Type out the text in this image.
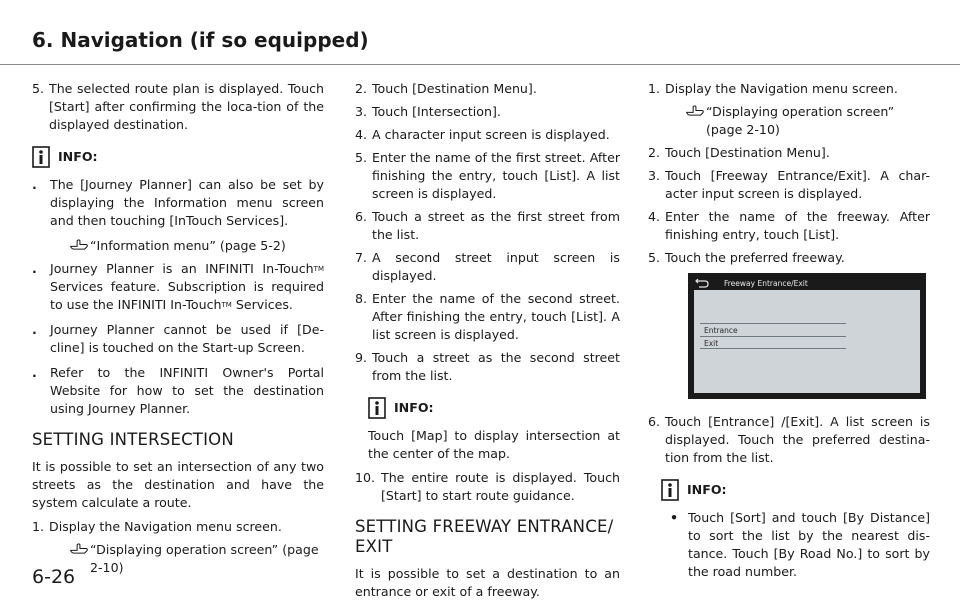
6. Navigation (if so equipped)
5. The selected route plan is displayed. Touch [Start] after confirming the loca-tion of the displayed destination.
INFO:
.	The [Journey Planner] can also be set by displaying the Information menu screen and then touching [InTouch Services].
“Information menu” (page 5-2)
.	Journey Planner is an INFINITI In-Touch™ Services feature. Subscription is required to use the INFINITI In-Touch™ Services.
.	Journey Planner cannot be used if [De-cline] is touched on the Start-up Screen.
.	Refer to the INFINITI Owner's Portal Website for how to set the destination using Journey Planner.
SETTING INTERSECTION
It is possible to set an intersection of any two streets as the destination and have the system calculate a route.
1. Display the Navigation menu screen.
“Displaying operation screen” (page 2-10)
2. Touch [Destination Menu].
3. Touch [Intersection].
4. A character input screen is displayed.
5. Enter the name of the first street. After finishing the entry, touch [List]. A list screen is displayed.
6. Touch a street as the first street from the list.
7. A second street input screen is displayed.
8. Enter the name of the second street. After finishing the entry, touch [List]. A list screen is displayed.
9. Touch a street as the second street from the list.
INFO:
Touch [Map] to display intersection at the center of the map.
10. The entire route is displayed. Touch [Start] to start route guidance.
SETTING FREEWAY ENTRANCE/ EXIT
It is possible to set a destination to an entrance or exit of a freeway.
1. Display the Navigation menu screen.
“Displaying operation screen” (page 2-10)
2. Touch [Destination Menu].
3. Touch [Freeway Entrance/Exit]. A char-acter input screen is displayed.
4. Enter the name of the freeway. After finishing entry, touch [List].
5. Touch the preferred freeway.
Freeway Entrance/Exit
Entrance
Exit
6. Touch [Entrance] /[Exit]. A list screen is displayed. Touch the preferred destina-tion from the list.
INFO:
• Touch [Sort] and touch [By Distance] to sort the list by the nearest dis-tance. Touch [By Road No.] to sort by the road number.
6-26
